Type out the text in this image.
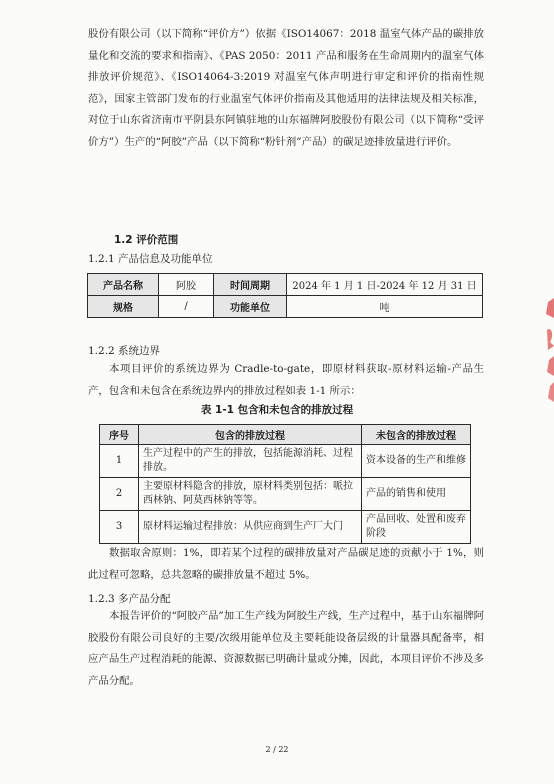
股份有限公司（以下简称“评价方”）依据《ISO14067：2018 温室气体产品的碳排放量化和交流的要求和指南》、《PAS 2050：2011 产品和服务在生命周期内的温室气体排放评价规范》、《ISO14064-3:2019 对温室气体声明进行审定和评价的指南性规范》，国家主管部门发布的行业温室气体评价指南及其他适用的法律法规及相关标准，对位于山东省济南市平阴县东阿镇驻地的山东福牌阿胶股份有限公司（以下简称“受评价方”）生产的“阿胶”产品（以下简称“粉针剂”产品）的碳足迹排放量进行评价。

1.2 评价范围

1.2.1 产品信息及功能单位

产品名称	阿胶	时间周期	2024 年 1 月 1 日-2024 年 12 月 31 日
规格	/	功能单位	吨

1.2.2 系统边界

本项目评价的系统边界为 Cradle-to-gate，即原材料获取-原材料运输-产品生产，包含和未包含在系统边界内的排放过程如表 1-1 所示：

表 1-1 包含和未包含的排放过程

序号	包含的排放过程	未包含的排放过程
1	生产过程中的产生的排放，包括能源消耗、过程排放。	资本设备的生产和维修
2	主要原材料隐含的排放，原材料类别包括：哌拉西林钠、阿莫西林钠等等。	产品的销售和使用
3	原材料运输过程排放：从供应商到生产厂大门	产品回收、处置和废弃阶段

数据取舍原则：1%，即若某个过程的碳排放量对产品碳足迹的贡献小于 1%，则此过程可忽略，总共忽略的碳排放量不超过 5%。

1.2.3 多产品分配

本报告评价的“阿胶产品”加工生产线为阿胶生产线，生产过程中，基于山东福牌阿胶股份有限公司良好的主要/次级用能单位及主要耗能设备层级的计量器具配备率，相应产品生产过程消耗的能源、资源数据已明确计量或分摊，因此，本项目评价不涉及多产品分配。

2 / 22
